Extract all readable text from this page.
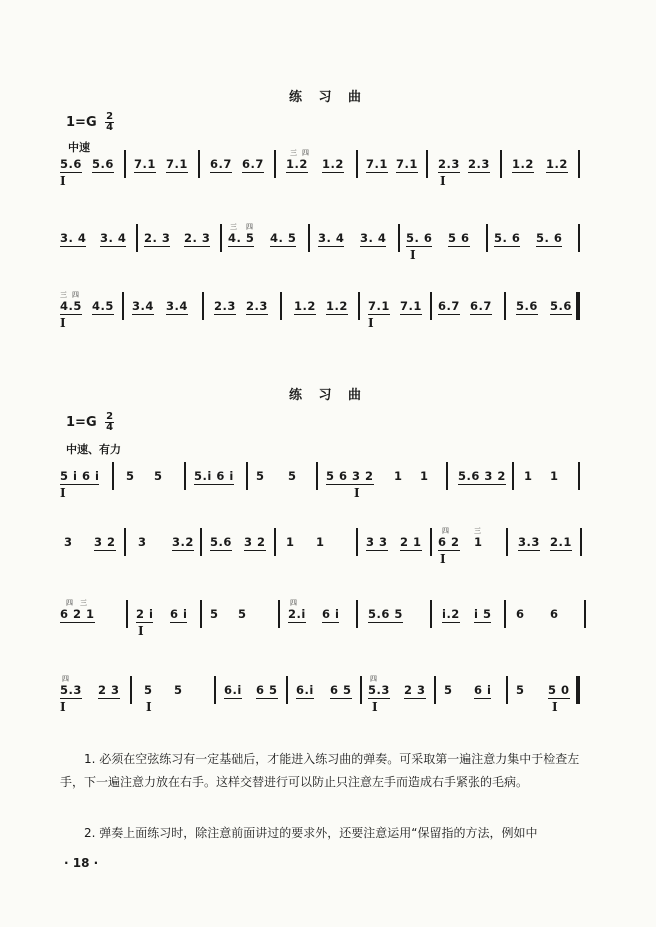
练 习 曲
$1=G \frac{2}{4}$
中速
5.6 5.6 7.1 7.1 6.7 6.7
三 四
1.2 1.2 7.1 7.1 2.3
I
2.3 1.2 1.2
I
3. 4 3. 4 2. 3 2. 3
三 四
4. 5 4. 5 3. 4 3. 4 5. 6
I
5 6 5. 6 5. 6
三 四
4.5
I
4.5 3.4 3.4 2.3 2.3 1.2 1.2 7.1
I
7.1 6.7 6.7 5.6 5.6
练 习 曲
$1=G \frac{2}{4}$
中速、有力
5 i 6 i
I
5 5	5.i 6 i 5 5	5 6 3 2
I
1 1	5.6 3 2 1 1
3 3 2 3 3.2 5.6 3 2 1 1	3 3 2 1
四	三
6 2
I
1	3.3 2.1
四 三
6 2 1	2 i
I
6 i 5 5
四
2.i 6 i 5.6 5	i.2 i 5 6 6
四
5.3
I
2 3 5
I
5	6.i 6 5 6.i 6 5
四
5.3
I
2 3 5 6 i 5 5 0
I
1. 必须在空弦练习有一定基础后，才能进入练习曲的弹奏。可采取第一遍注意力集中于检查左手，下一遍注意力放在右手。这样交替进行可以防止只注意左手而造成右手紧张的毛病。
2. 弹奏上面练习时，除注意前面讲过的要求外，还要注意运用“保留指的方法，例如中
· 18 ·
